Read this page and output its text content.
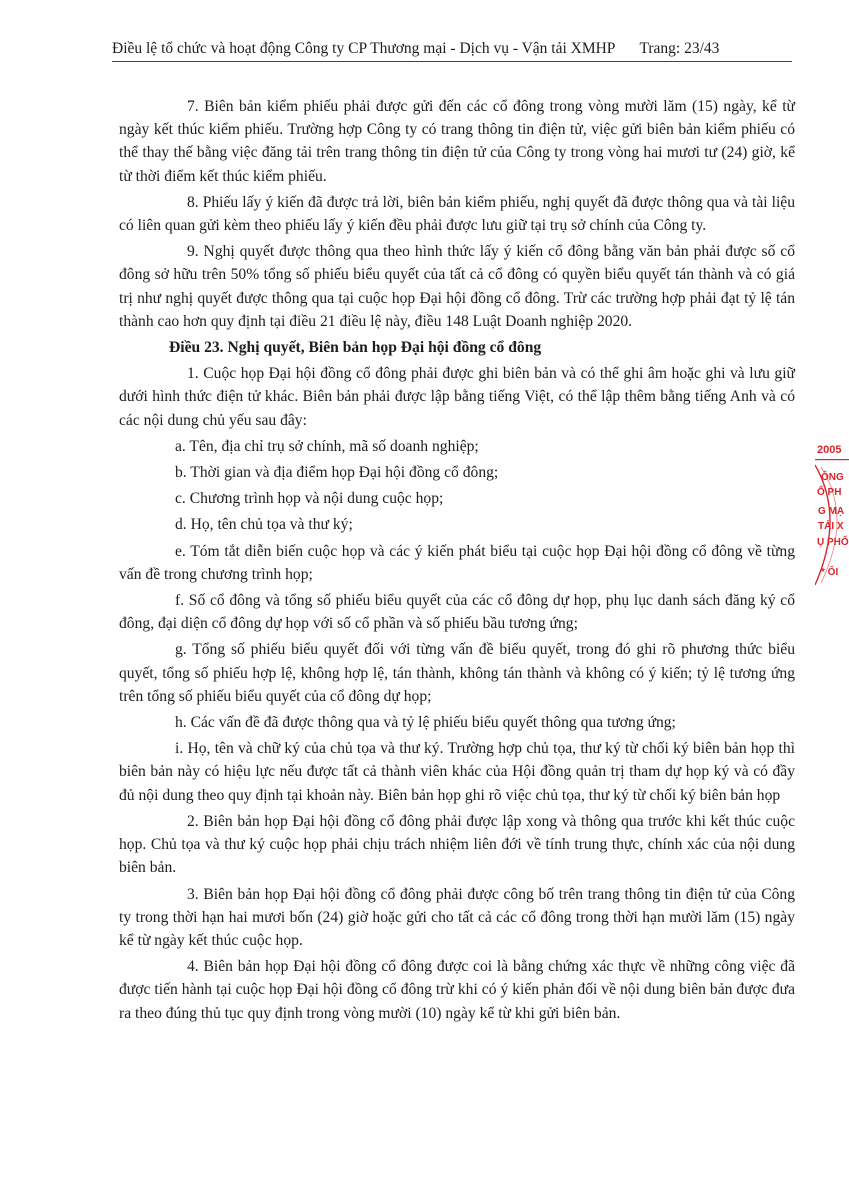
Điều lệ tổ chức và hoạt động Công ty CP Thương mại - Dịch vụ - Vận tải XMHP Trang: 23/43

7. Biên bản kiểm phiếu phải được gửi đến các cổ đông trong vòng mười lăm (15) ngày, kể từ ngày kết thúc kiểm phiếu. Trường hợp Công ty có trang thông tin điện tử, việc gửi biên bản kiểm phiếu có thể thay thế bằng việc đăng tải trên trang thông tin điện tử của Công ty trong vòng hai mươi tư (24) giờ, kể từ thời điểm kết thúc kiểm phiếu.

8. Phiếu lấy ý kiến đã được trả lời, biên bản kiểm phiếu, nghị quyết đã được thông qua và tài liệu có liên quan gửi kèm theo phiếu lấy ý kiến đều phải được lưu giữ tại trụ sở chính của Công ty.

9. Nghị quyết được thông qua theo hình thức lấy ý kiến cổ đông bằng văn bản phải được số cổ đông sở hữu trên 50% tổng số phiếu biểu quyết của tất cả cổ đông có quyền biểu quyết tán thành và có giá trị như nghị quyết được thông qua tại cuộc họp Đại hội đồng cổ đông. Trừ các trường hợp phải đạt tỷ lệ tán thành cao hơn quy định tại điều 21 điều lệ này, điều 148 Luật Doanh nghiệp 2020.

Điều 23. Nghị quyết, Biên bản họp Đại hội đồng cổ đông

1. Cuộc họp Đại hội đồng cổ đông phải được ghi biên bản và có thể ghi âm hoặc ghi và lưu giữ dưới hình thức điện tử khác. Biên bản phải được lập bằng tiếng Việt, có thể lập thêm bằng tiếng Anh và có các nội dung chủ yếu sau đây:

a. Tên, địa chỉ trụ sở chính, mã số doanh nghiệp;

b. Thời gian và địa điểm họp Đại hội đồng cổ đông;

c. Chương trình họp và nội dung cuộc họp;

d. Họ, tên chủ tọa và thư ký;

e. Tóm tắt diễn biến cuộc họp và các ý kiến phát biểu tại cuộc họp Đại hội đồng cổ đông về từng vấn đề trong chương trình họp;

f. Số cổ đông và tổng số phiếu biểu quyết của các cổ đông dự họp, phụ lục danh sách đăng ký cổ đông, đại diện cổ đông dự họp với số cổ phần và số phiếu bầu tương ứng;

g. Tổng số phiếu biểu quyết đối với từng vấn đề biểu quyết, trong đó ghi rõ phương thức biểu quyết, tổng số phiếu hợp lệ, không hợp lệ, tán thành, không tán thành và không có ý kiến; tỷ lệ tương ứng trên tổng số phiếu biểu quyết của cổ đông dự họp;

h. Các vấn đề đã được thông qua và tỷ lệ phiếu biểu quyết thông qua tương ứng;

i. Họ, tên và chữ ký của chủ tọa và thư ký. Trường hợp chủ tọa, thư ký từ chối ký biên bản họp thì biên bản này có hiệu lực nếu được tất cả thành viên khác của Hội đồng quản trị tham dự họp ký và có đầy đủ nội dung theo quy định tại khoản này. Biên bản họp ghi rõ việc chủ tọa, thư ký từ chối ký biên bản họp

2. Biên bản họp Đại hội đồng cổ đông phải được lập xong và thông qua trước khi kết thúc cuộc họp. Chủ tọa và thư ký cuộc họp phải chịu trách nhiệm liên đới về tính trung thực, chính xác của nội dung biên bản.

3. Biên bản họp Đại hội đồng cổ đông phải được công bố trên trang thông tin điện tử của Công ty trong thời hạn hai mươi bốn (24) giờ hoặc gửi cho tất cả các cổ đông trong thời hạn mười lăm (15) ngày kể từ ngày kết thúc cuộc họp.

4. Biên bản họp Đại hội đồng cổ đông được coi là bằng chứng xác thực về những công việc đã được tiến hành tại cuộc họp Đại hội đồng cổ đông trừ khi có ý kiến phản đối về nội dung biên bản được đưa ra theo đúng thủ tục quy định trong vòng mười (10) ngày kể từ khi gửi biên bản.

2005
ÔNG
Ổ PH
G MẠ
TẢI X
Ụ PHỐ
* ỐI
